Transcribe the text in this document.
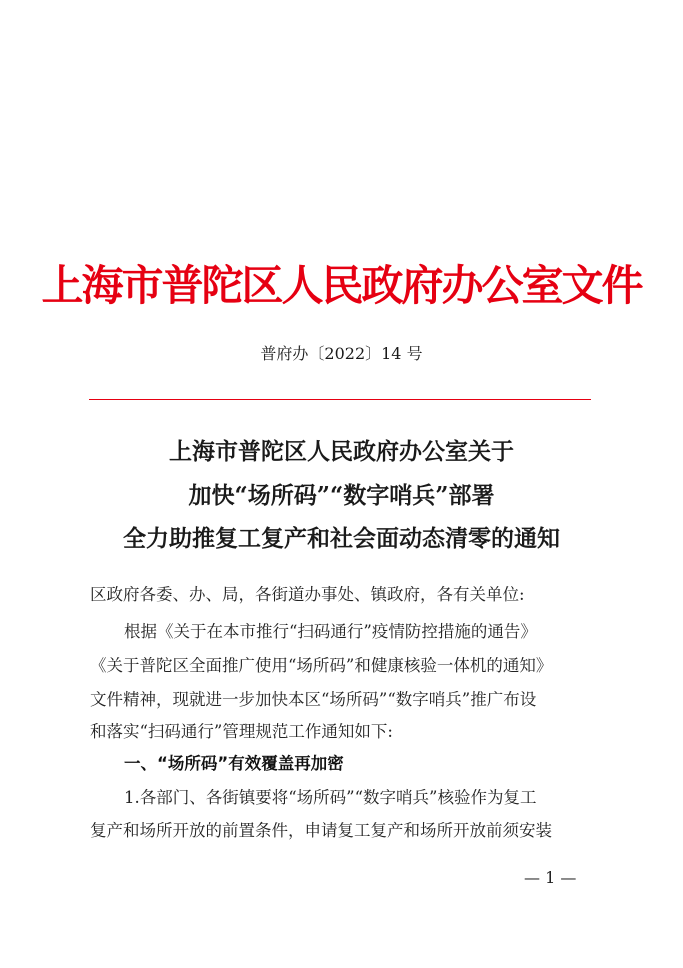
上海市普陀区人民政府办公室文件
普府办〔2022〕14 号
上海市普陀区人民政府办公室关于
加快“场所码”“数字哨兵”部署
全力助推复工复产和社会面动态清零的通知
区政府各委、办、局，各街道办事处、镇政府，各有关单位:
根据《关于在本市推行“扫码通行”疫情防控措施的通告》
《关于普陀区全面推广使用“场所码”和健康核验一体机的通知》
文件精神，现就进一步加快本区“场所码”“数字哨兵”推广布设
和落实“扫码通行”管理规范工作通知如下:
一、“场所码”有效覆盖再加密
1.各部门、各街镇要将“场所码”“数字哨兵”核验作为复工
复产和场所开放的前置条件，申请复工复产和场所开放前须安装
— 1 —
